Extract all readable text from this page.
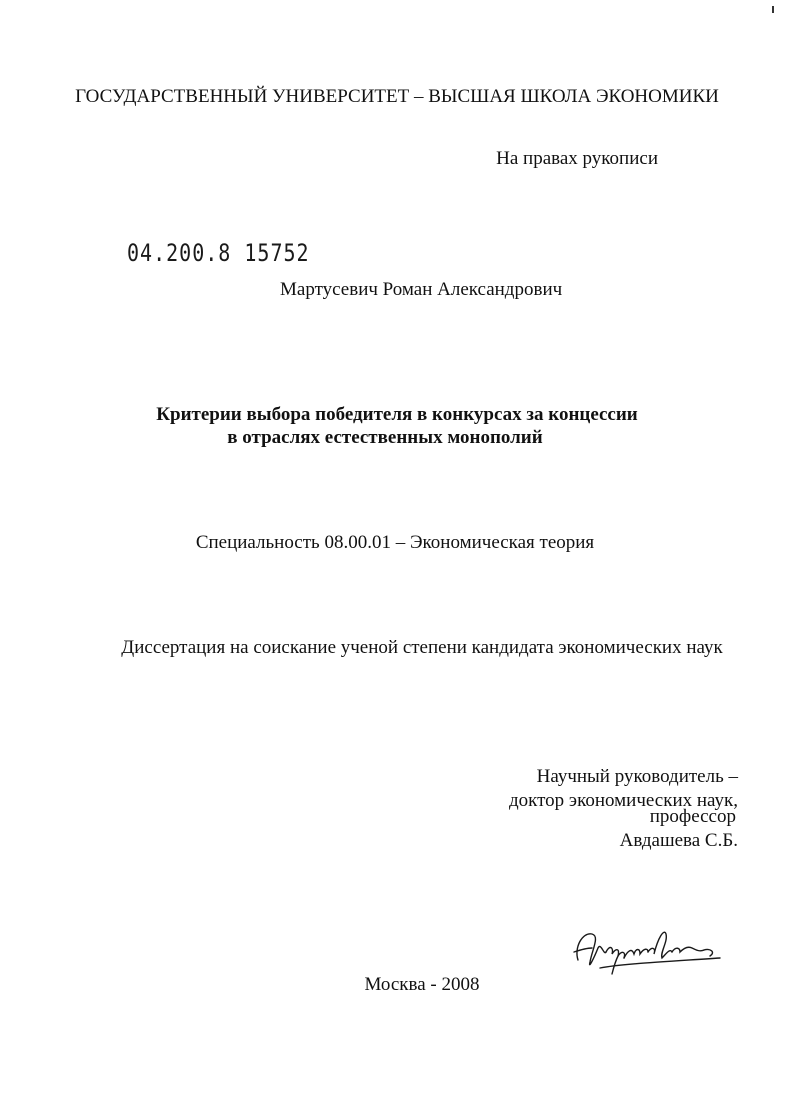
ГОСУДАРСТВЕННЫЙ УНИВЕРСИТЕТ – ВЫСШАЯ ШКОЛА ЭКОНОМИКИ
На правах рукописи
04.200.8 15752
Мартусевич Роман Александрович
Критерии выбора победителя в конкурсах за концессии
в отраслях естественных монополий
Специальность 08.00.01 – Экономическая теория
Диссертация на соискание ученой степени кандидата экономических наук
Научный руководитель –
доктор экономических наук,
профессор
Авдашева С.Б.
Москва - 2008
